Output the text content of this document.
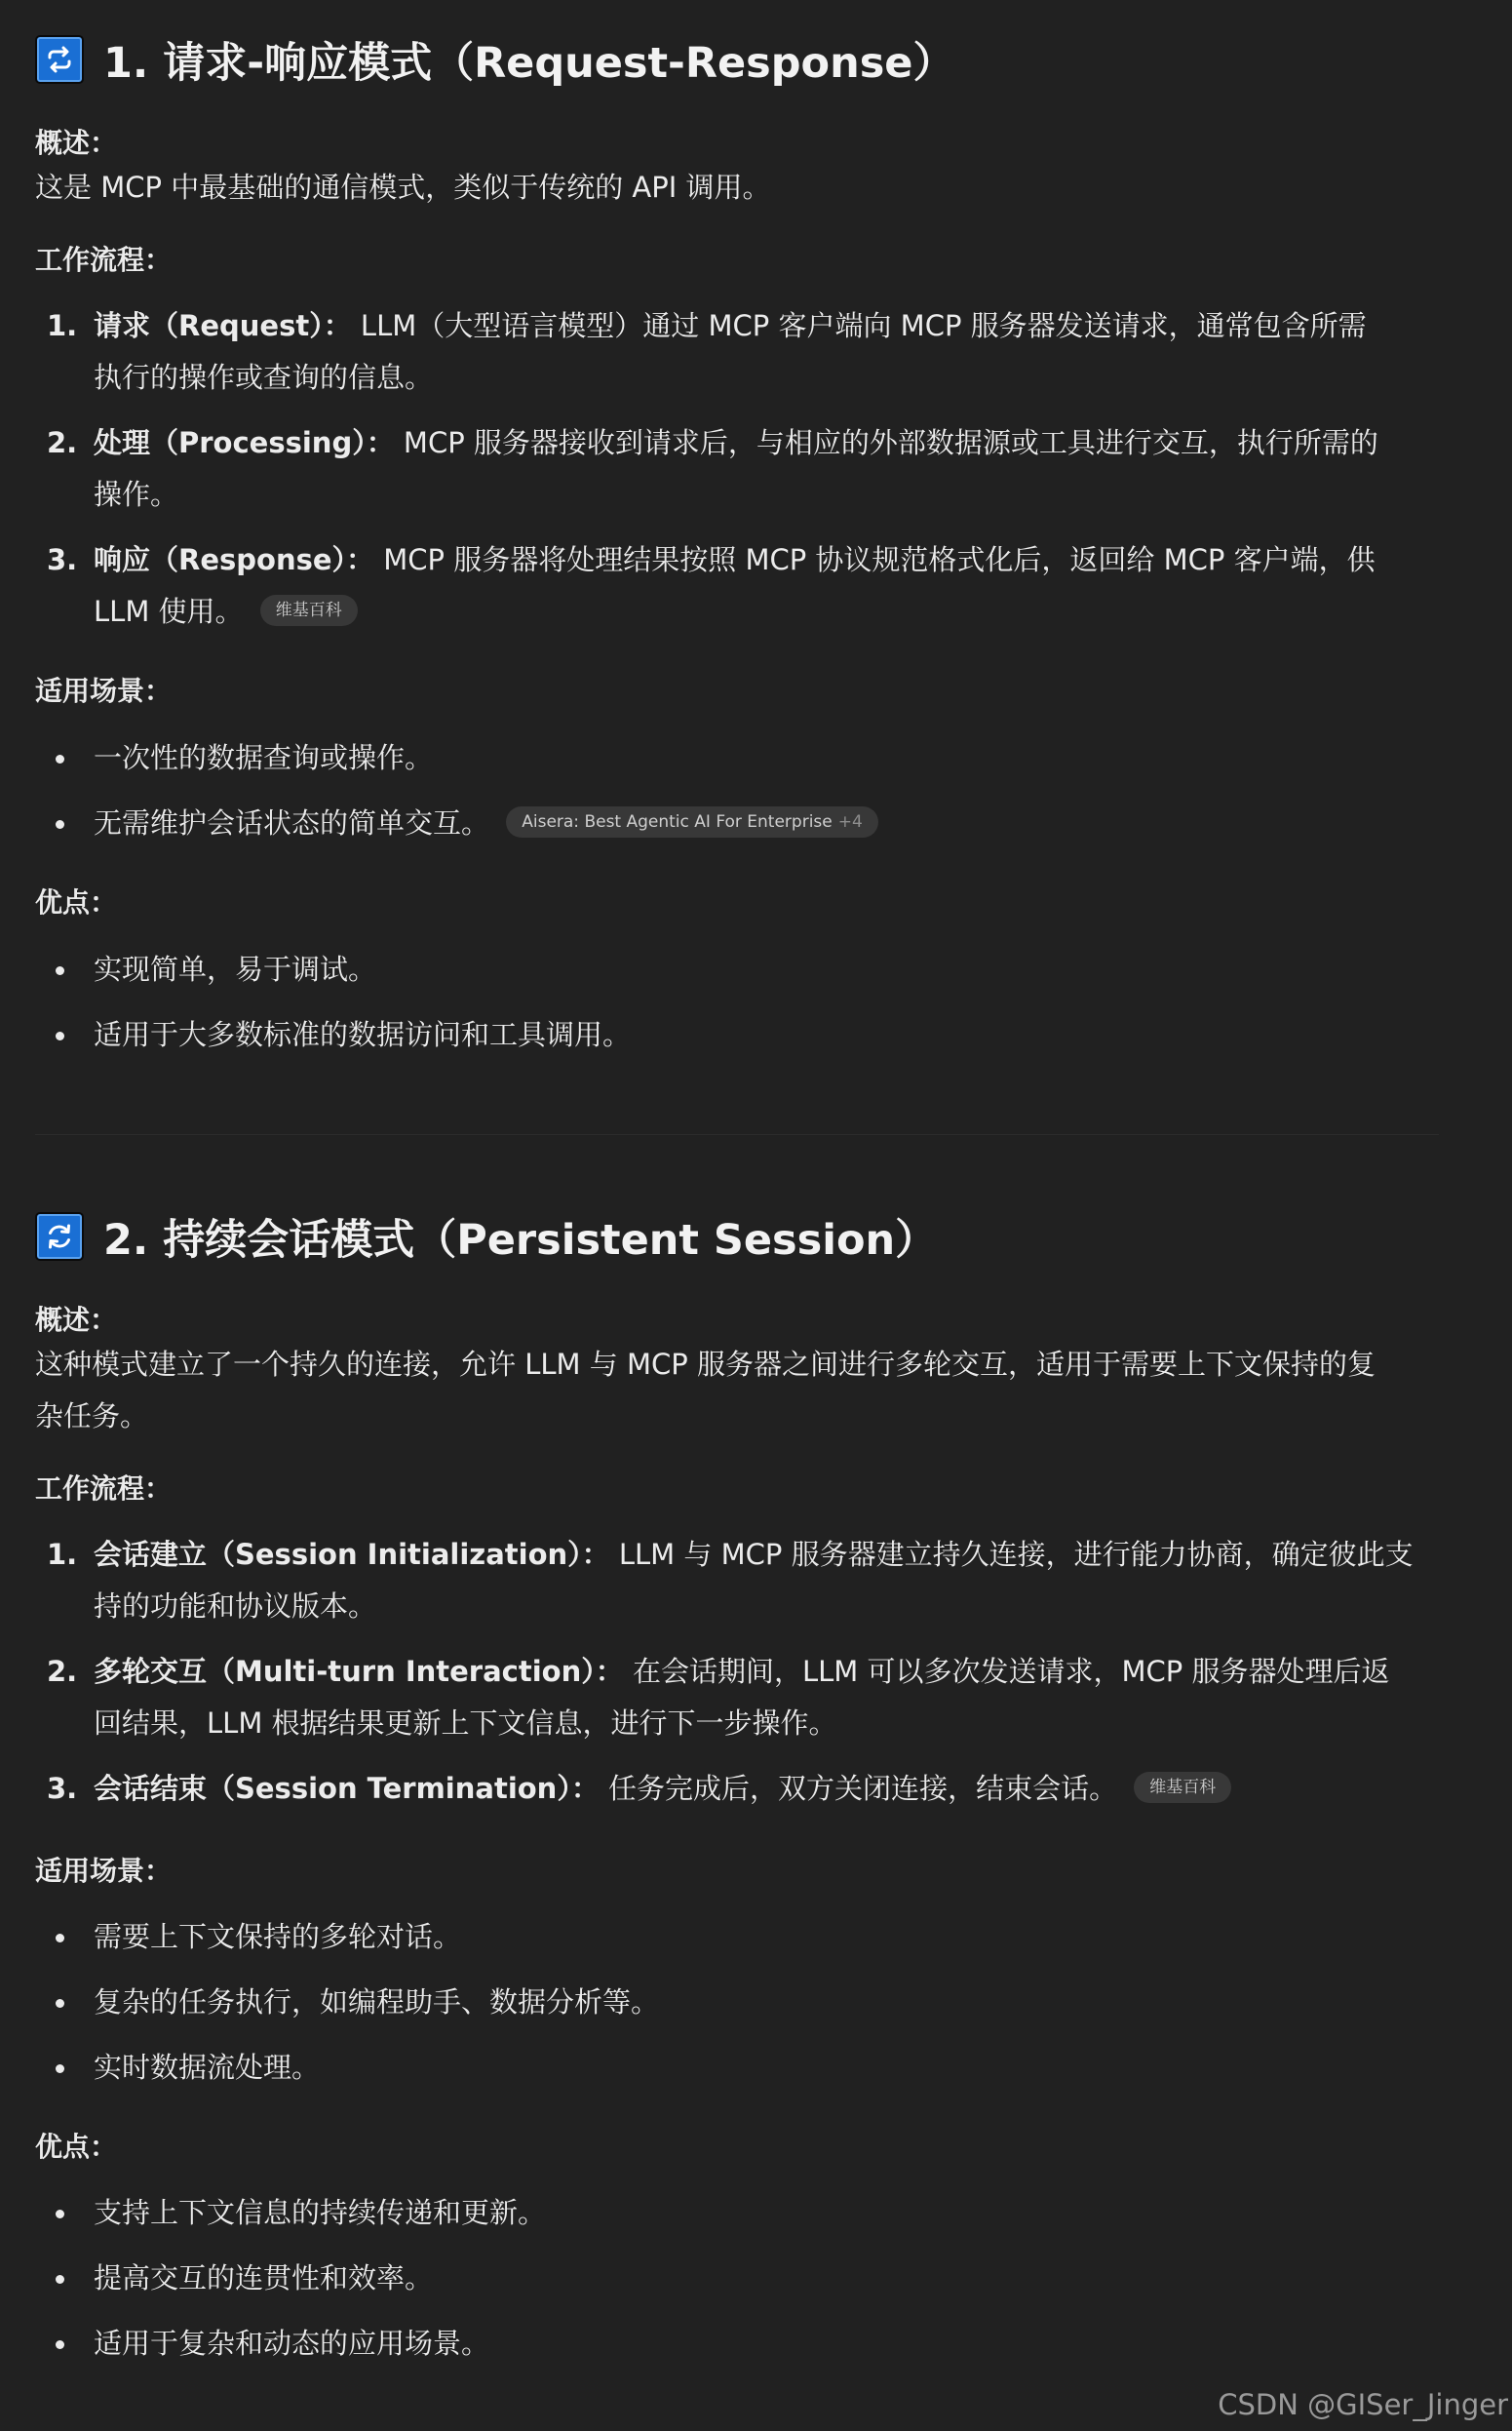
1. 请求-响应模式（Request-Response）

概述：

这是 MCP 中最基础的通信模式，类似于传统的 API 调用。

工作流程：

1. 请求（Request）： LLM（大型语言模型）通过 MCP 客户端向 MCP 服务器发送请求，通常包含所需
执行的操作或查询的信息。
2. 处理（Processing）： MCP 服务器接收到请求后，与相应的外部数据源或工具进行交互，执行所需的
操作。
3. 响应（Response）： MCP 服务器将处理结果按照 MCP 协议规范格式化后，返回给 MCP 客户端，供
LLM 使用。 维基百科

适用场景：

一次性的数据查询或操作。
无需维护会话状态的简单交互。 Aisera: Best Agentic AI For Enterprise +4

优点：

实现简单，易于调试。
适用于大多数标准的数据访问和工具调用。
2. 持续会话模式（Persistent Session）

概述：

这种模式建立了一个持久的连接，允许 LLM 与 MCP 服务器之间进行多轮交互，适用于需要上下文保持的复
杂任务。

工作流程：

1. 会话建立（Session Initialization）： LLM 与 MCP 服务器建立持久连接，进行能力协商，确定彼此支
持的功能和协议版本。
2. 多轮交互（Multi-turn Interaction）： 在会话期间，LLM 可以多次发送请求，MCP 服务器处理后返
回结果，LLM 根据结果更新上下文信息，进行下一步操作。
3. 会话结束（Session Termination）： 任务完成后，双方关闭连接，结束会话。 维基百科

适用场景：

需要上下文保持的多轮对话。
复杂的任务执行，如编程助手、数据分析等。
实时数据流处理。

优点：

支持上下文信息的持续传递和更新。
提高交互的连贯性和效率。
适用于复杂和动态的应用场景。
CSDN @GISer_Jinger
